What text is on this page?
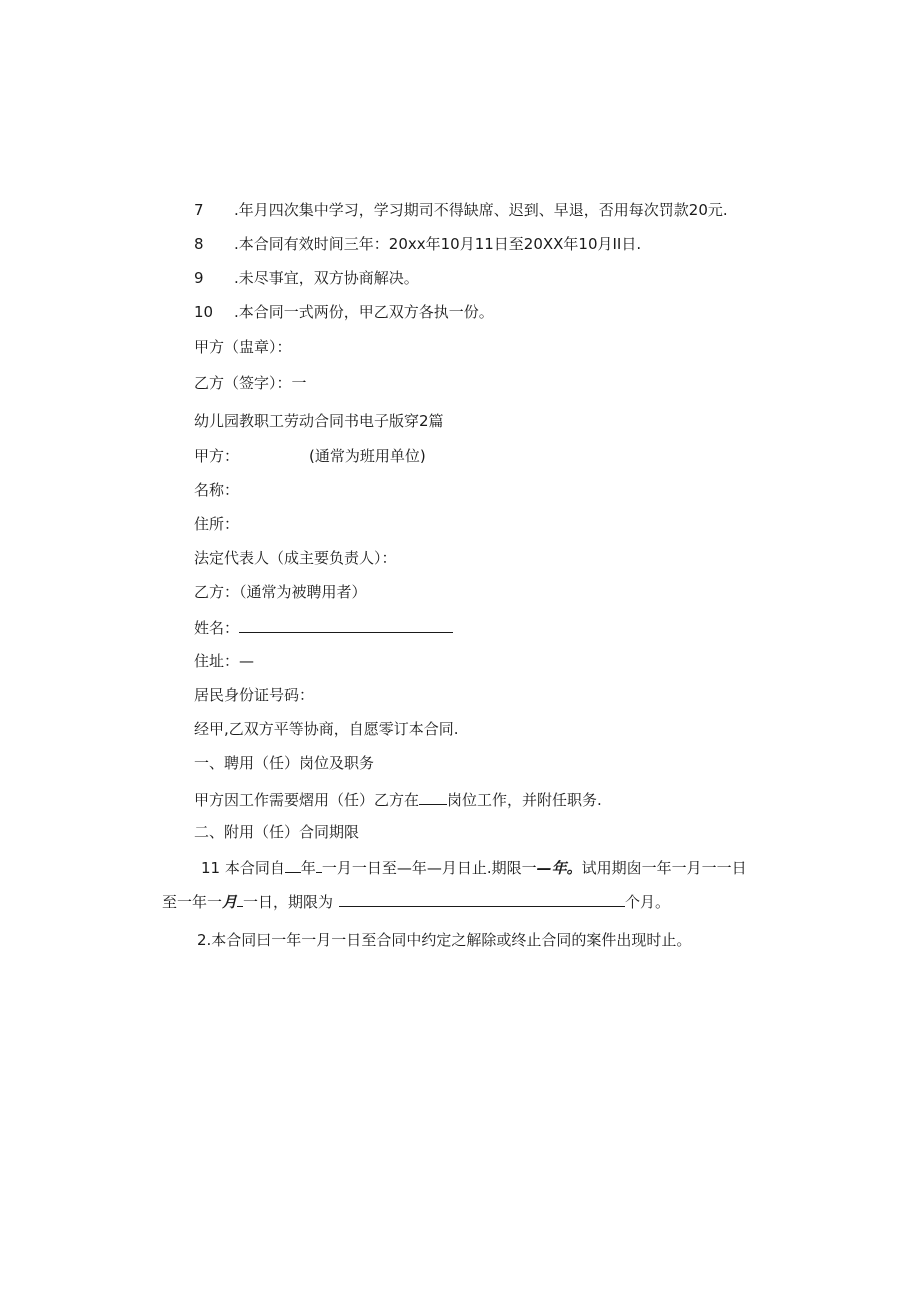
7 .年月四次集中学习，学习期司不得缺席、迟到、早退，否用每次罚款20元.
8 .本合同有效时间三年：20xx年10月11日至20XX年10月II日.
9 .未尽事宜，双方协商解决。
10 .本合同一式两份，甲乙双方各执一份。
甲方（盅章）：
乙方（签字）：一
幼儿园教职工劳动合同书电子版穿2篇
甲方：	(通常为班用单位)
名称：
住所：
法定代表人（成主要负责人）：
乙方：（通常为被聘用者）
姓名：
住址：—
居民身份证号码：
经甲,乙双方平等协商，自愿零订本合同.
一、聘用（任）岗位及职务
甲方因工作需要熠用（任）乙方在 岗位工作，并附任职务.
二、附用（任）合同期限
11 本合同自 年 一月一日至—年—月日止.期限一—年。试用期囱一年一月一一日
至一年一月 一日，期限为	个月。
2.本合同曰一年一月一日至合同中约定之解除或终止合同的案件出现时止。
